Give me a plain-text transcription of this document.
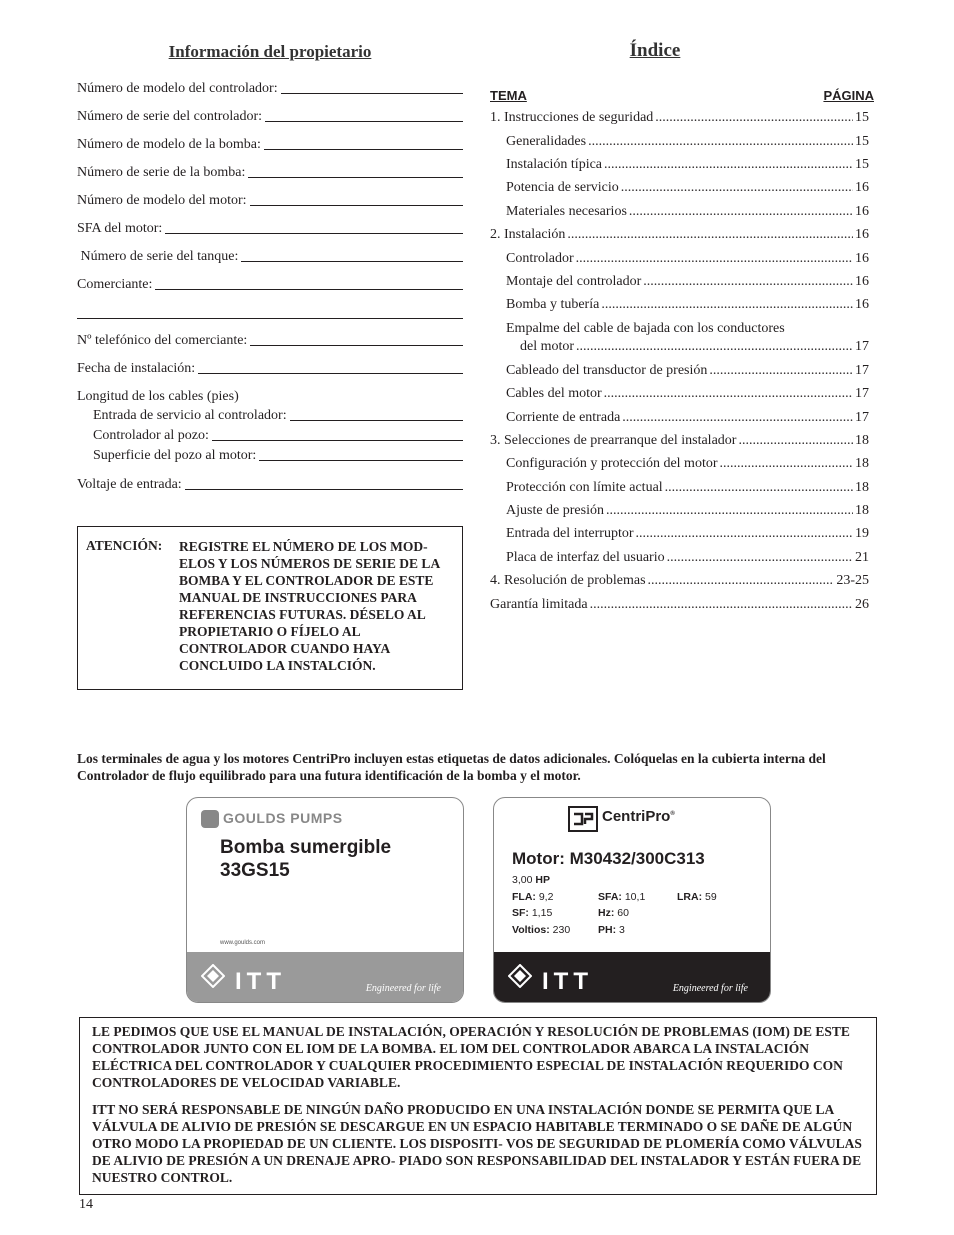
Información del propietario
Número de modelo del controlador:
Número de serie del controlador:
Número de modelo de la bomba:
Número de serie de la bomba:
Número de modelo del motor:
SFA del motor:
Número de serie del tanque:
Comerciante:
Nº telefónico del comerciante:
Fecha de instalación:
Longitud de los cables (pies)
Entrada de servicio al controlador:
Controlador al pozo:
Superficie del pozo al motor:
Voltaje de entrada:
ATENCIÓN: REGISTRE EL NÚMERO DE LOS MOD- ELOS Y LOS NÚMEROS DE SERIE DE LA BOMBA Y EL CONTROLADOR DE ESTE MANUAL DE INSTRUCCIONES PARA REFERENCIAS FUTURAS. DÉSELO AL PROPIETARIO O FÍJELO AL CONTROLADOR CUANDO HAYA CONCLUIDO LA INSTALCIÓN.
Índice
TEMA	PÁGINA
1. Instrucciones de seguridad .....	15
Generalidades .....	15
Instalación típica .....	15
Potencia de servicio .....	16
Materiales necesarios .....	16
2. Instalación .....	16
Controlador .....	16
Montaje del controlador .....	16
Bomba y tubería .....	16
Empalme del cable de bajada con los conductores
del motor .....	17
Cableado del transductor de presión .....	17
Cables del motor .....	17
Corriente de entrada .....	17
3. Selecciones de prearranque del instalador .....	18
Configuración y protección del motor .....	18
Protección con límite actual .....	18
Ajuste de presión .....	18
Entrada del interruptor .....	19
Placa de interfaz del usuario .....	21
4. Resolución de problemas .....	23-25
Garantía limitada .....	26
Los terminales de agua y los motores CentriPro incluyen estas etiquetas de datos adicionales. Colóquelas en la cubierta interna del Controlador de flujo equilibrado para una futura identificación de la bomba y el motor.
GOULDS PUMPS
Bomba sumergible
33GS15
www.goulds.com
ITT	Engineered for life
CentriPro®
Motor: M30432/300C313
3,00 HP
FLA: 9,2	SFA: 10,1	LRA: 59
SF: 1,15	Hz: 60
Voltios: 230	PH: 3
ITT	Engineered for life
LE PEDIMOS QUE USE EL MANUAL DE INSTALACIÓN, OPERACIÓN Y RESOLUCIÓN DE PROBLEMAS (IOM) DE ESTE CONTROLADOR JUNTO CON EL IOM DE LA BOMBA. EL IOM DEL CONTROLADOR ABARCA LA INSTALACIÓN ELÉCTRICA DEL CONTROLADOR Y CUALQUIER PROCEDIMIENTO ESPECIAL DE INSTALACIÓN REQUERIDO CON CONTROLADORES DE VELOCIDAD VARIABLE.
ITT NO SERÁ RESPONSABLE DE NINGÚN DAÑO PRODUCIDO EN UNA INSTALACIÓN DONDE SE PERMITA QUE LA VÁLVULA DE ALIVIO DE PRESIÓN SE DESCARGUE EN UN ESPACIO HABITABLE TERMINADO O SE DAÑE DE ALGÚN OTRO MODO LA PROPIEDAD DE UN CLIENTE. LOS DISPOSITI- VOS DE SEGURIDAD DE PLOMERÍA COMO VÁLVULAS DE ALIVIO DE PRESIÓN A UN DRENAJE APRO- PIADO SON RESPONSABILIDAD DEL INSTALADOR Y ESTÁN FUERA DE NUESTRO CONTROL.
14
